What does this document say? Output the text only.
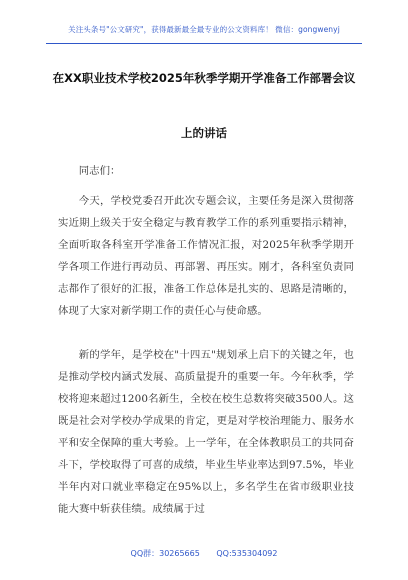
关注头条号"公文研究"，获得最新最全最专业的公文资料库！ 微信：gongwenyj
在XX职业技术学校2025年秋季学期开学准备工作部署会议
上的讲话

同志们：

今天，学校党委召开此次专题会议，主要任务是深入贯彻落实近期上级关于安全稳定与教育教学工作的系列重要指示精神，全面听取各科室开学准备工作情况汇报，对2025年秋季学期开学各项工作进行再动员、再部署、再压实。刚才，各科室负责同志都作了很好的汇报，准备工作总体是扎实的、思路是清晰的，体现了大家对新学期工作的责任心与使命感。

新的学年，是学校在"十四五"规划承上启下的关键之年，也是推动学校内涵式发展、高质量提升的重要一年。今年秋季，学校将迎来超过1200名新生，全校在校生总数将突破3500人。这既是社会对学校办学成果的肯定，更是对学校治理能力、服务水平和安全保障的重大考验。上一学年，在全体教职员工的共同奋斗下，学校取得了可喜的成绩，毕业生毕业率达到97.5%，毕业半年内对口就业率稳定在95%以上，多名学生在省市级职业技能大赛中斩获佳绩。成绩属于过

QQ群：30265665 QQ:535304092
